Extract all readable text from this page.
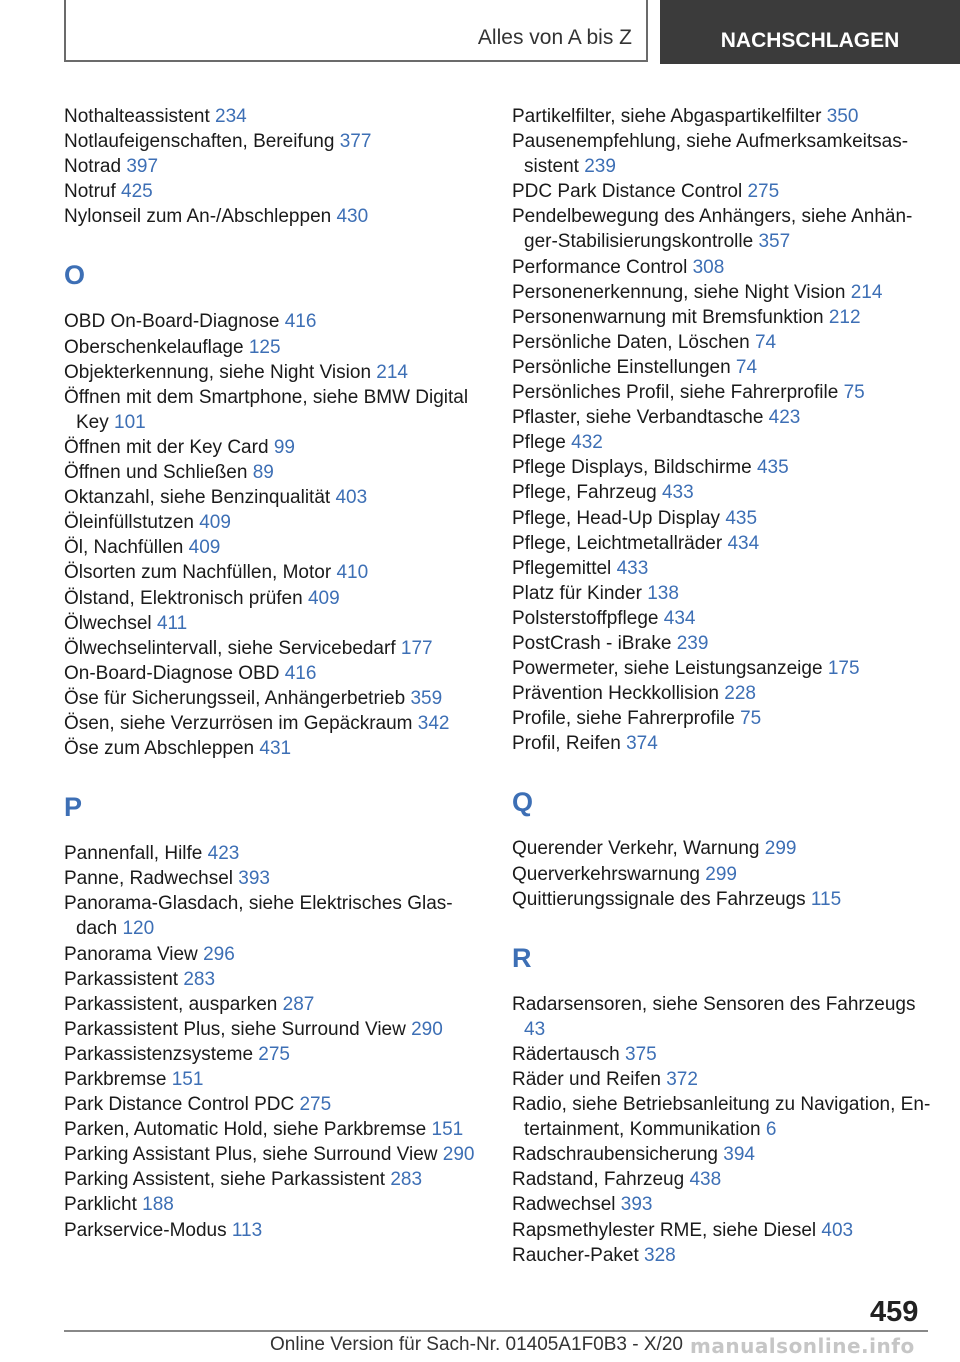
Alles von A bis Z	NACHSCHLAGEN
Nothalteassistent 234
Notlaufeigenschaften, Bereifung 377
Notrad 397
Notruf 425
Nylonseil zum An-/Abschleppen 430
O
OBD On-Board-Diagnose 416
Oberschenkelauflage 125
Objekterkennung, siehe Night Vision 214
Öffnen mit dem Smartphone, siehe BMW Digital Key 101
Öffnen mit der Key Card 99
Öffnen und Schließen 89
Oktanzahl, siehe Benzinqualität 403
Öleinfüllstutzen 409
Öl, Nachfüllen 409
Ölsorten zum Nachfüllen, Motor 410
Ölstand, Elektronisch prüfen 409
Ölwechsel 411
Ölwechselintervall, siehe Servicebedarf 177
On-Board-Diagnose OBD 416
Öse für Sicherungsseil, Anhängerbetrieb 359
Ösen, siehe Verzurrösen im Gepäckraum 342
Öse zum Abschleppen 431
P
Pannenfall, Hilfe 423
Panne, Radwechsel 393
Panorama-Glasdach, siehe Elektrisches Glasdach 120
Panorama View 296
Parkassistent 283
Parkassistent, ausparken 287
Parkassistent Plus, siehe Surround View 290
Parkassistenzsysteme 275
Parkbremse 151
Park Distance Control PDC 275
Parken, Automatic Hold, siehe Parkbremse 151
Parking Assistant Plus, siehe Surround View 290
Parking Assistent, siehe Parkassistent 283
Parklicht 188
Parkservice-Modus 113
Partikelfilter, siehe Abgaspartikelfilter 350
Pausenempfehlung, siehe Aufmerksamkeitsassistent 239
PDC Park Distance Control 275
Pendelbewegung des Anhängers, siehe Anhänger-Stabilisierungskontrolle 357
Performance Control 308
Personenerkennung, siehe Night Vision 214
Personenwarnung mit Bremsfunktion 212
Persönliche Daten, Löschen 74
Persönliche Einstellungen 74
Persönliches Profil, siehe Fahrerprofile 75
Pflaster, siehe Verbandtasche 423
Pflege 432
Pflege Displays, Bildschirme 435
Pflege, Fahrzeug 433
Pflege, Head-Up Display 435
Pflege, Leichtmetallräder 434
Pflegemittel 433
Platz für Kinder 138
Polsterstoffpflege 434
PostCrash - iBrake 239
Powermeter, siehe Leistungsanzeige 175
Prävention Heckkollision 228
Profile, siehe Fahrerprofile 75
Profil, Reifen 374
Q
Querender Verkehr, Warnung 299
Querverkehrswarnung 299
Quittierungssignale des Fahrzeugs 115
R
Radarsensoren, siehe Sensoren des Fahrzeugs 43
Rädertausch 375
Räder und Reifen 372
Radio, siehe Betriebsanleitung zu Navigation, Entertainment, Kommunikation 6
Radschraubensicherung 394
Radstand, Fahrzeug 438
Radwechsel 393
Rapsmethylester RME, siehe Diesel 403
Raucher-Paket 328
459
Online Version für Sach-Nr. 01405A1F0B3 - X/20 manualsonline.info
